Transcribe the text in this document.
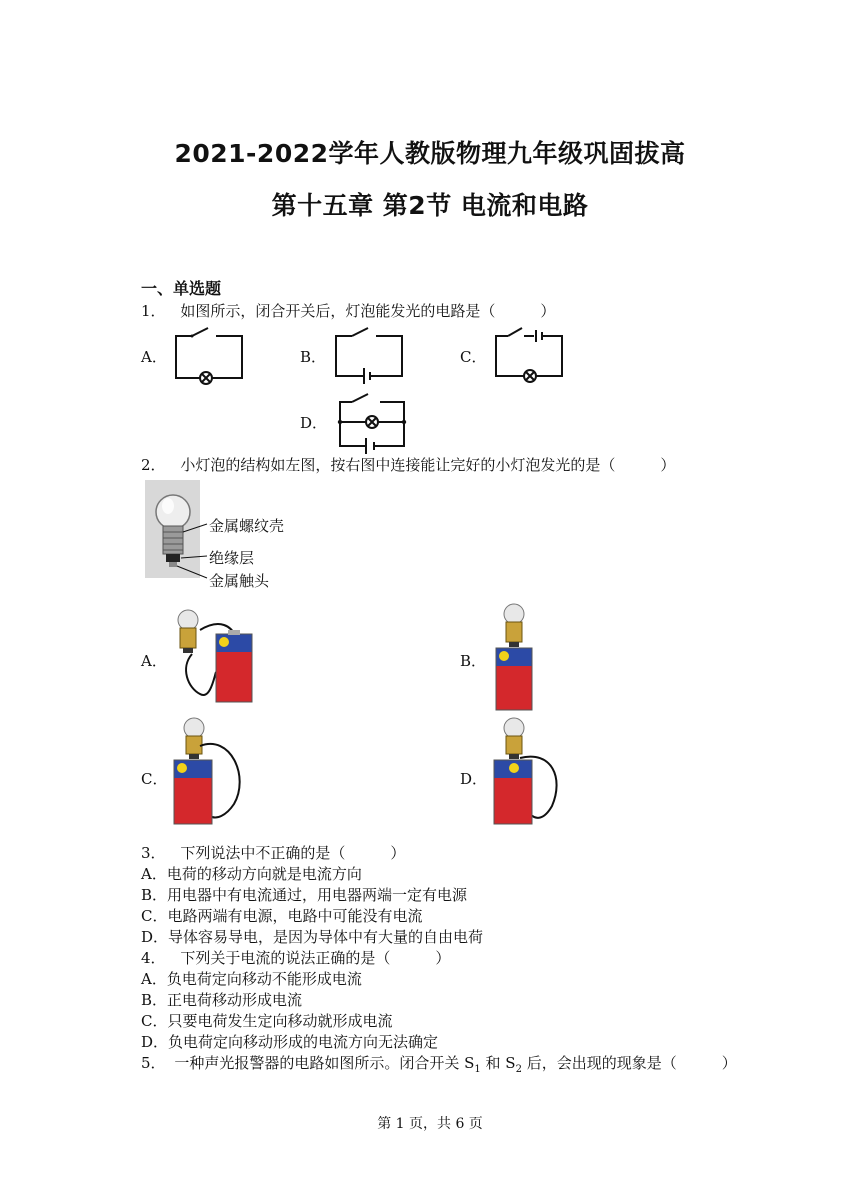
2021-2022学年人教版物理九年级巩固拔高
第十五章 第2节 电流和电路
一、单选题
1． 如图所示，闭合开关后，灯泡能发光的电路是（　　　）
A．	B．	C．
D．
2． 小灯泡的结构如左图，按右图中连接能让完好的小灯泡发光的是（　　　）
金属螺纹壳
绝缘层
金属触头
A．	B．
C．	D．
3． 下列说法中不正确的是（　　　）
A．电荷的移动方向就是电流方向
B．用电器中有电流通过，用电器两端一定有电源
C．电路两端有电源，电路中可能没有电流
D．导体容易导电，是因为导体中有大量的自由电荷
4． 下列关于电流的说法正确的是（　　　）
A．负电荷定向移动不能形成电流
B．正电荷移动形成电流
C．只要电荷发生定向移动就形成电流
D．负电荷定向移动形成的电流方向无法确定
5． 一种声光报警器的电路如图所示。闭合开关 $S_1$ 和 $S_2$ 后，会出现的现象是（　　　）
第 1 页，共 6 页
